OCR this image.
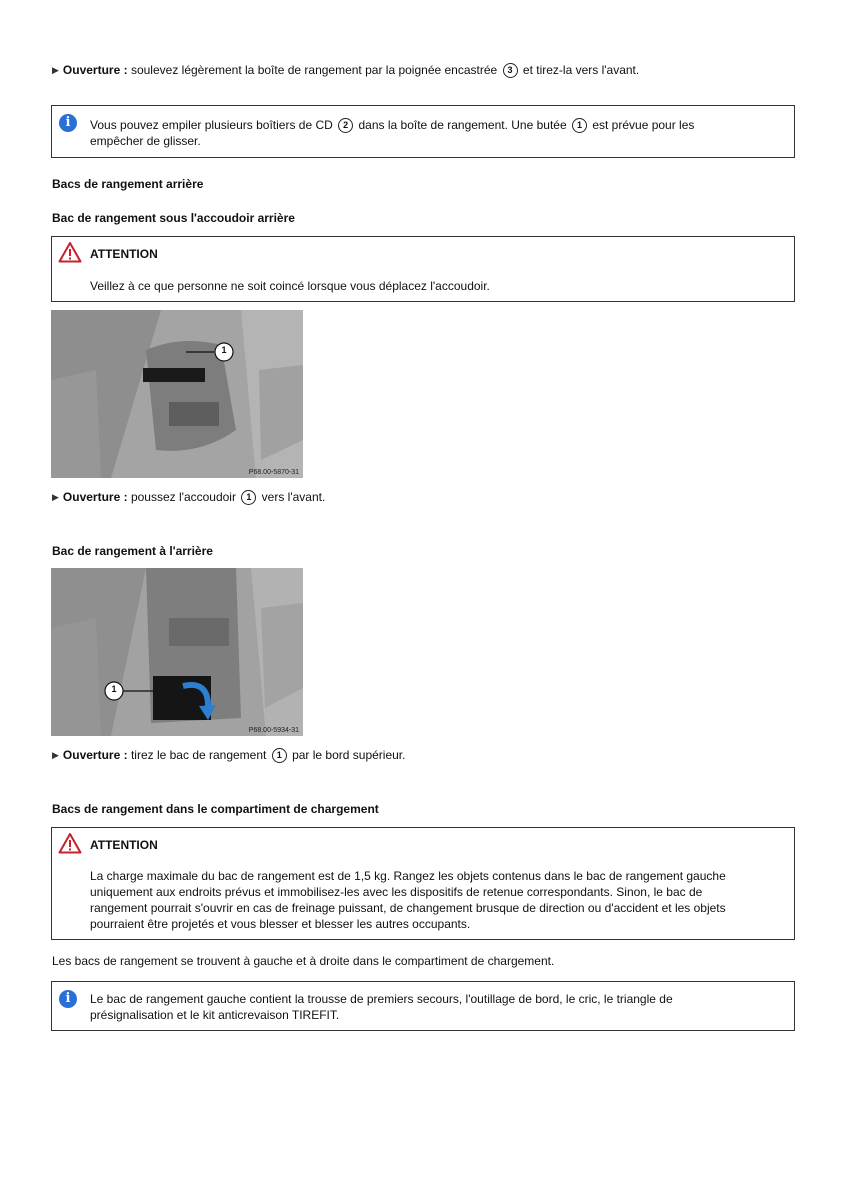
▶ Ouverture : soulevez légèrement la boîte de rangement par la poignée encastrée 3 et tirez-la vers l'avant.
i	Vous pouvez empiler plusieurs boîtiers de CD 2 dans la boîte de rangement. Une butée 1 est prévue pour les
empêcher de glisser.

Bacs de rangement arrière
Bac de rangement sous l'accoudoir arrière
ATTENTION

Veillez à ce que personne ne soit coincé lorsque vous déplacez l'accoudoir.

1
P68.00-5870-31
▶ Ouverture : poussez l'accoudoir 1 vers l'avant.
Bac de rangement à l'arrière
1
P68.00-5934-31
▶ Ouverture : tirez le bac de rangement 1 par le bord supérieur.
Bacs de rangement dans le compartiment de chargement
ATTENTION

La charge maximale du bac de rangement est de 1,5 kg. Rangez les objets contenus dans le bac de rangement gauche
uniquement aux endroits prévus et immobilisez-les avec les dispositifs de retenue correspondants. Sinon, le bac de
rangement pourrait s'ouvrir en cas de freinage puissant, de changement brusque de direction ou d'accident et les objets
pourraient être projetés et vous blesser et blesser les autres occupants.

Les bacs de rangement se trouvent à gauche et à droite dans le compartiment de chargement.
i	Le bac de rangement gauche contient la trousse de premiers secours, l'outillage de bord, le cric, le triangle de
présignalisation et le kit anticrevaison TIREFIT.
